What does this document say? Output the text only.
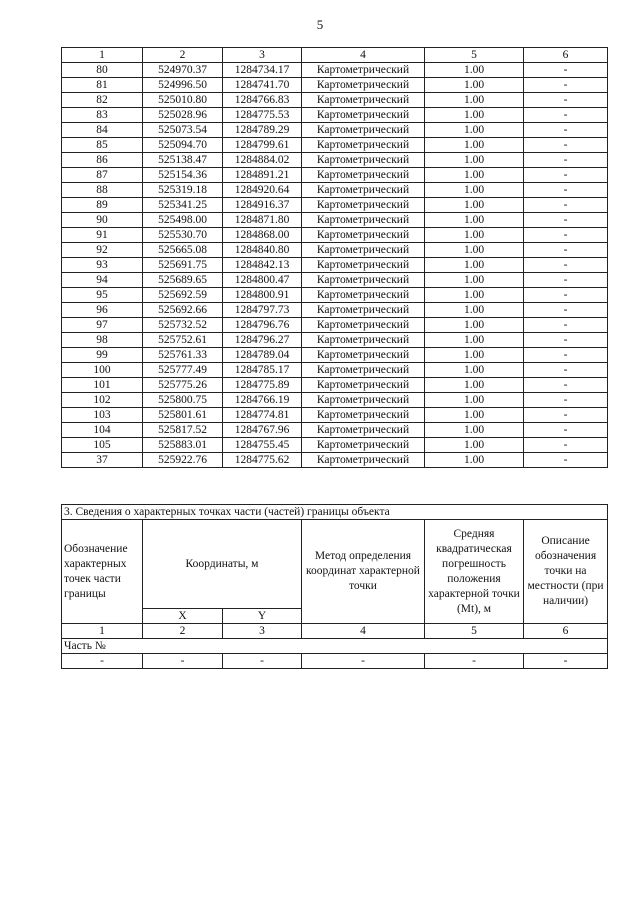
5
1	2	3	4	5	6
80	524970.37	1284734.17	Картометрический	1.00	-
81	524996.50	1284741.70	Картометрический	1.00	-
82	525010.80	1284766.83	Картометрический	1.00	-
83	525028.96	1284775.53	Картометрический	1.00	-
84	525073.54	1284789.29	Картометрический	1.00	-
85	525094.70	1284799.61	Картометрический	1.00	-
86	525138.47	1284884.02	Картометрический	1.00	-
87	525154.36	1284891.21	Картометрический	1.00	-
88	525319.18	1284920.64	Картометрический	1.00	-
89	525341.25	1284916.37	Картометрический	1.00	-
90	525498.00	1284871.80	Картометрический	1.00	-
91	525530.70	1284868.00	Картометрический	1.00	-
92	525665.08	1284840.80	Картометрический	1.00	-
93	525691.75	1284842.13	Картометрический	1.00	-
94	525689.65	1284800.47	Картометрический	1.00	-
95	525692.59	1284800.91	Картометрический	1.00	-
96	525692.66	1284797.73	Картометрический	1.00	-
97	525732.52	1284796.76	Картометрический	1.00	-
98	525752.61	1284796.27	Картометрический	1.00	-
99	525761.33	1284789.04	Картометрический	1.00	-
100	525777.49	1284785.17	Картометрический	1.00	-
101	525775.26	1284775.89	Картометрический	1.00	-
102	525800.75	1284766.19	Картометрический	1.00	-
103	525801.61	1284774.81	Картометрический	1.00	-
104	525817.52	1284767.96	Картометрический	1.00	-
105	525883.01	1284755.45	Картометрический	1.00	-
37	525922.76	1284775.62	Картометрический	1.00	-
3. Сведения о характерных точках части (частей) границы объекта					
Обозначение характерных точек части границы	Координаты, м		Метод определения координат характерной точки	Средняя квадратическая погрешность положения характерной точки (Mt), м	Описание обозначения точки на местности (при наличии)
	X	Y			
1	2	3	4	5	6
Часть №					
-	-	-	-	-	-
